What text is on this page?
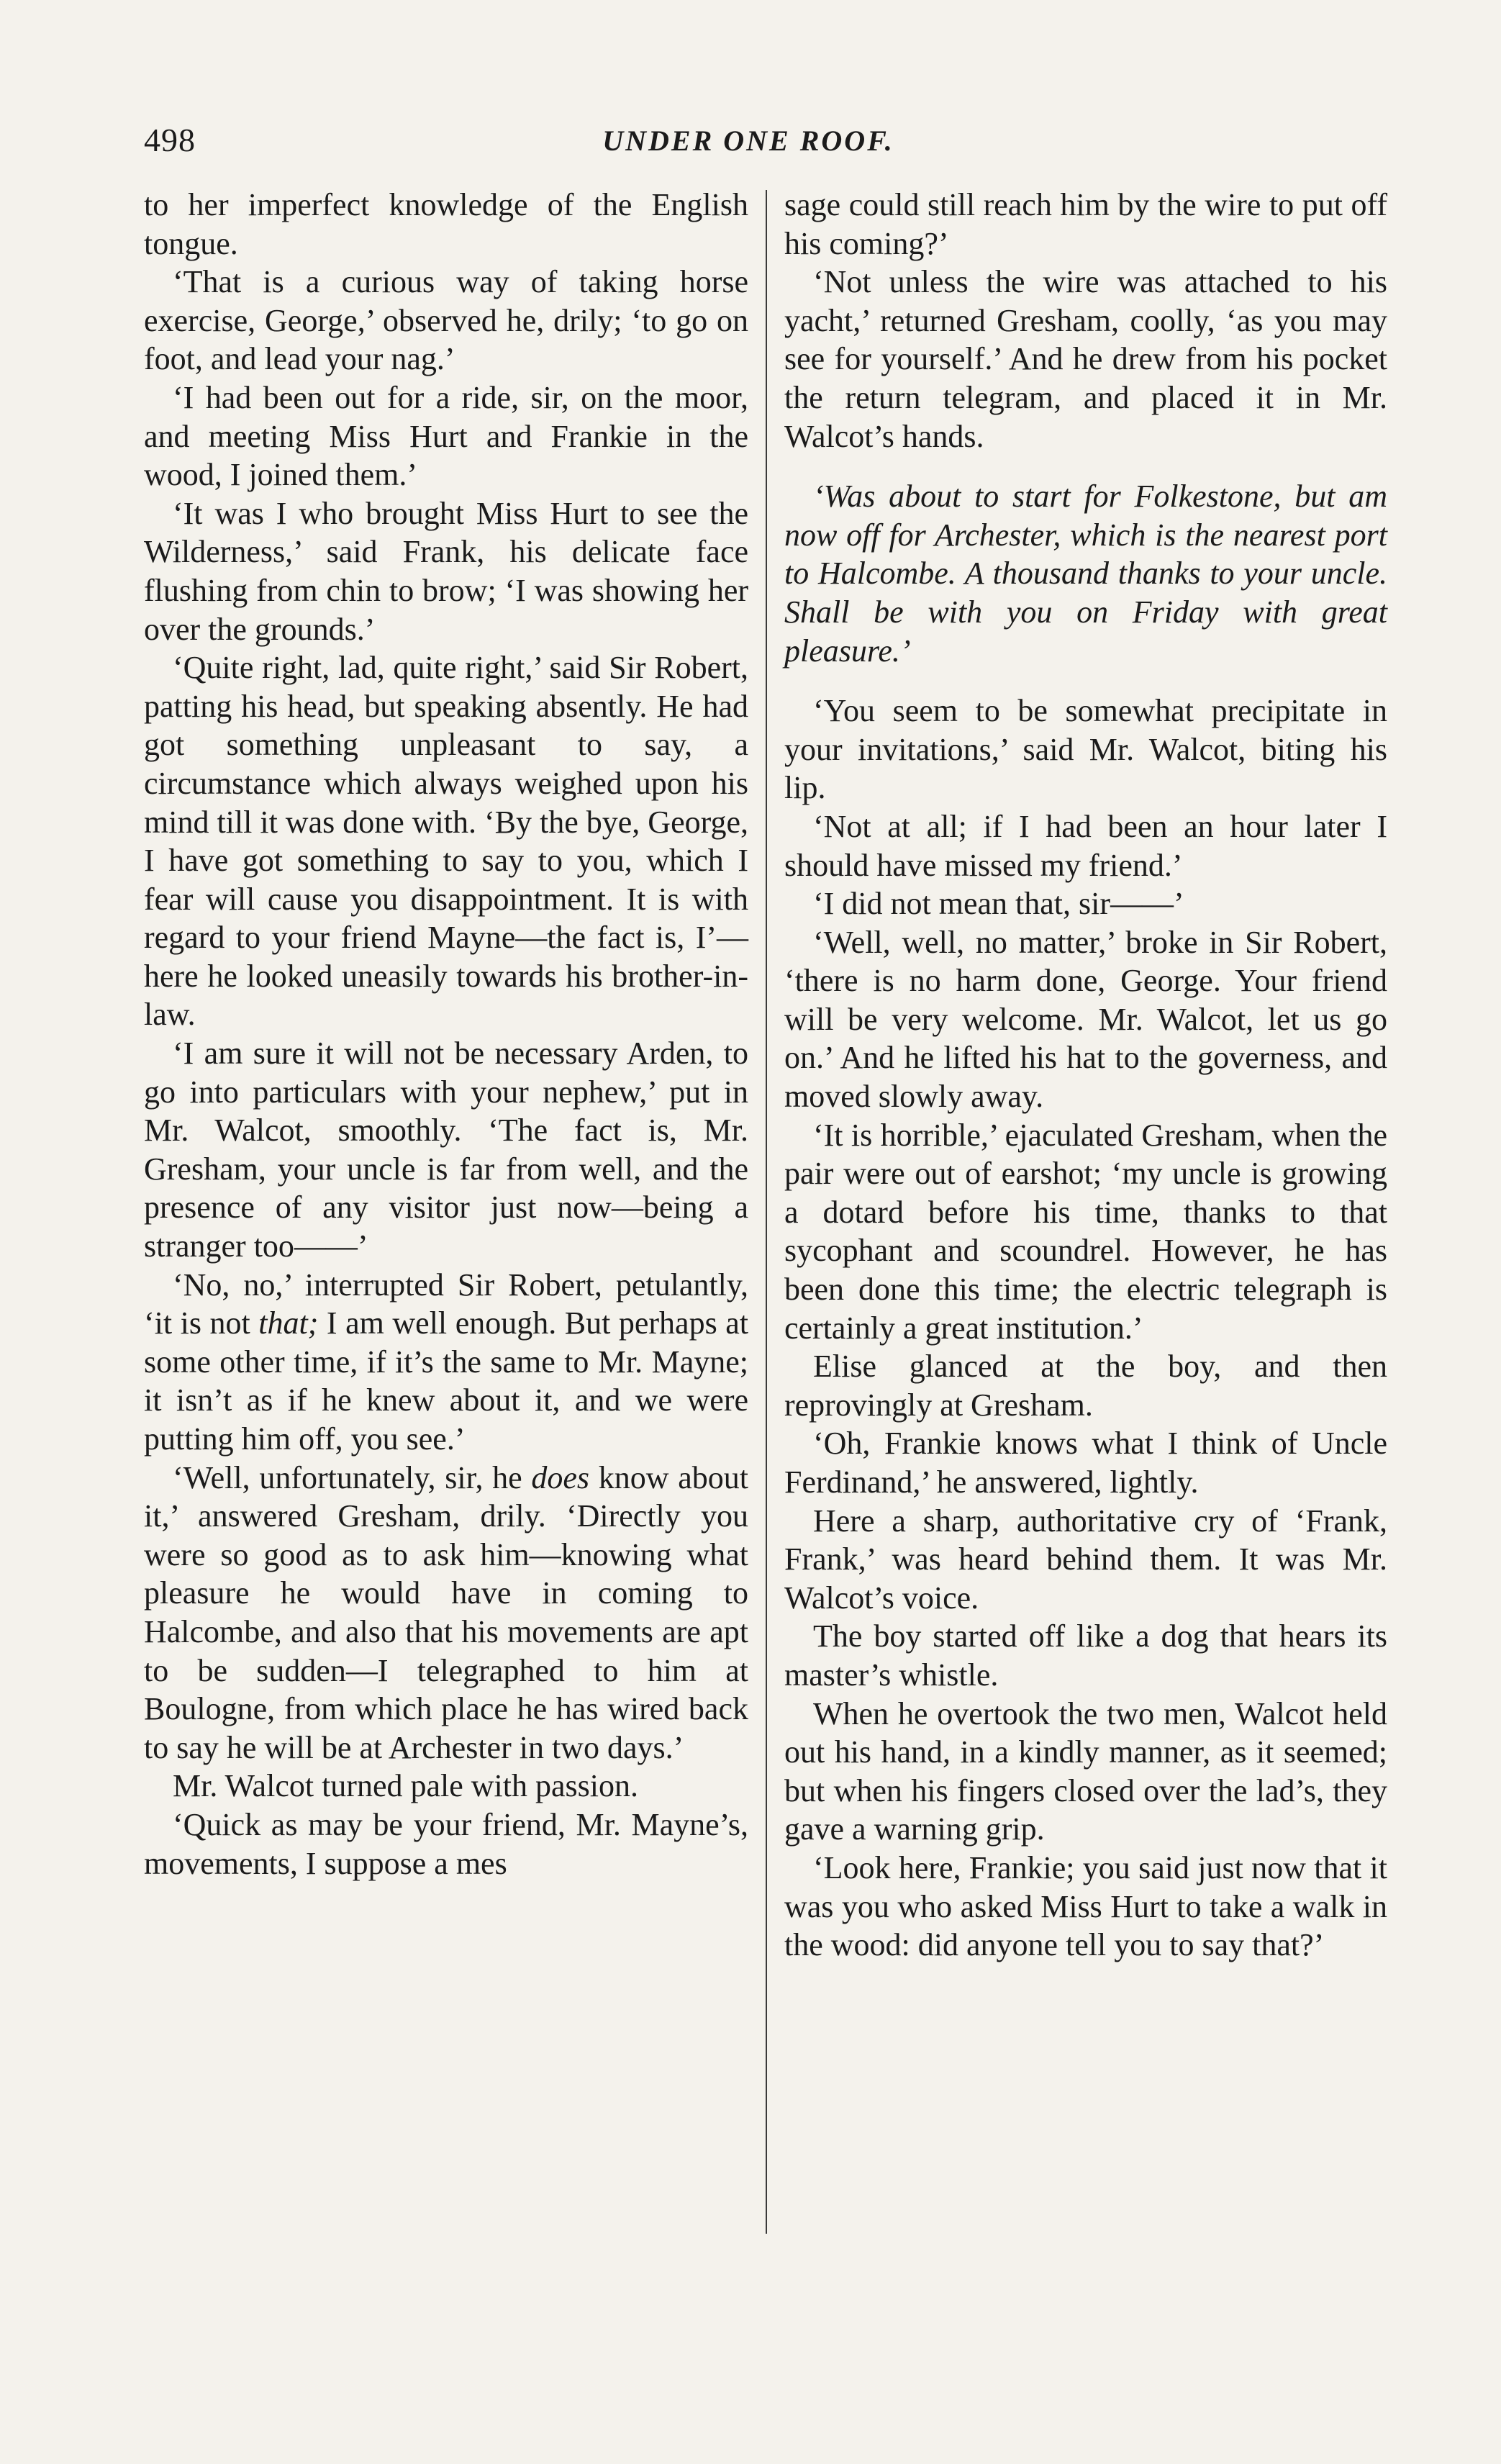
498	UNDER ONE ROOF.

to her imperfect knowledge of the English tongue.

‘That is a curious way of taking horse exercise, George,’ observed he, drily; ‘to go on foot, and lead your nag.’

‘I had been out for a ride, sir, on the moor, and meeting Miss Hurt and Frankie in the wood, I joined them.’

‘It was I who brought Miss Hurt to see the Wilderness,’ said Frank, his delicate face flushing from chin to brow; ‘I was showing her over the grounds.’

‘Quite right, lad, quite right,’ said Sir Robert, patting his head, but speaking absently. He had got something unpleasant to say, a circumstance which always weighed upon his mind till it was done with. ‘By the bye, George, I have got something to say to you, which I fear will cause you disappointment. It is with regard to your friend Mayne—the fact is, I’—here he looked uneasily towards his brother-in-law.

‘I am sure it will not be necessary Arden, to go into particulars with your nephew,’ put in Mr. Walcot, smoothly. ‘The fact is, Mr. Gresham, your uncle is far from well, and the presence of any visitor just now—being a stranger too——’

‘No, no,’ interrupted Sir Robert, petulantly, ‘it is not that; I am well enough. But perhaps at some other time, if it’s the same to Mr. Mayne; it isn’t as if he knew about it, and we were putting him off, you see.’

‘Well, unfortunately, sir, he does know about it,’ answered Gresham, drily. ‘Directly you were so good as to ask him—knowing what pleasure he would have in coming to Halcombe, and also that his movements are apt to be sudden—I telegraphed to him at Boulogne, from which place he has wired back to say he will be at Archester in two days.’

Mr. Walcot turned pale with passion.

‘Quick as may be your friend, Mr. Mayne’s, movements, I suppose a mes

sage could still reach him by the wire to put off his coming?’

‘Not unless the wire was attached to his yacht,’ returned Gresham, coolly, ‘as you may see for yourself.’ And he drew from his pocket the return telegram, and placed it in Mr. Walcot’s hands.

‘Was about to start for Folkestone, but am now off for Archester, which is the nearest port to Halcombe. A thousand thanks to your uncle. Shall be with you on Friday with great pleasure.’

‘You seem to be somewhat precipitate in your invitations,’ said Mr. Walcot, biting his lip.

‘Not at all; if I had been an hour later I should have missed my friend.’

‘I did not mean that, sir——’

‘Well, well, no matter,’ broke in Sir Robert, ‘there is no harm done, George. Your friend will be very welcome. Mr. Walcot, let us go on.’ And he lifted his hat to the governess, and moved slowly away.

‘It is horrible,’ ejaculated Gresham, when the pair were out of earshot; ‘my uncle is growing a dotard before his time, thanks to that sycophant and scoundrel. However, he has been done this time; the electric telegraph is certainly a great institution.’

Elise glanced at the boy, and then reprovingly at Gresham.

‘Oh, Frankie knows what I think of Uncle Ferdinand,’ he answered, lightly.

Here a sharp, authoritative cry of ‘Frank, Frank,’ was heard behind them. It was Mr. Walcot’s voice.

The boy started off like a dog that hears its master’s whistle.

When he overtook the two men, Walcot held out his hand, in a kindly manner, as it seemed; but when his fingers closed over the lad’s, they gave a warning grip.

‘Look here, Frankie; you said just now that it was you who asked Miss Hurt to take a walk in the wood: did anyone tell you to say that?’
